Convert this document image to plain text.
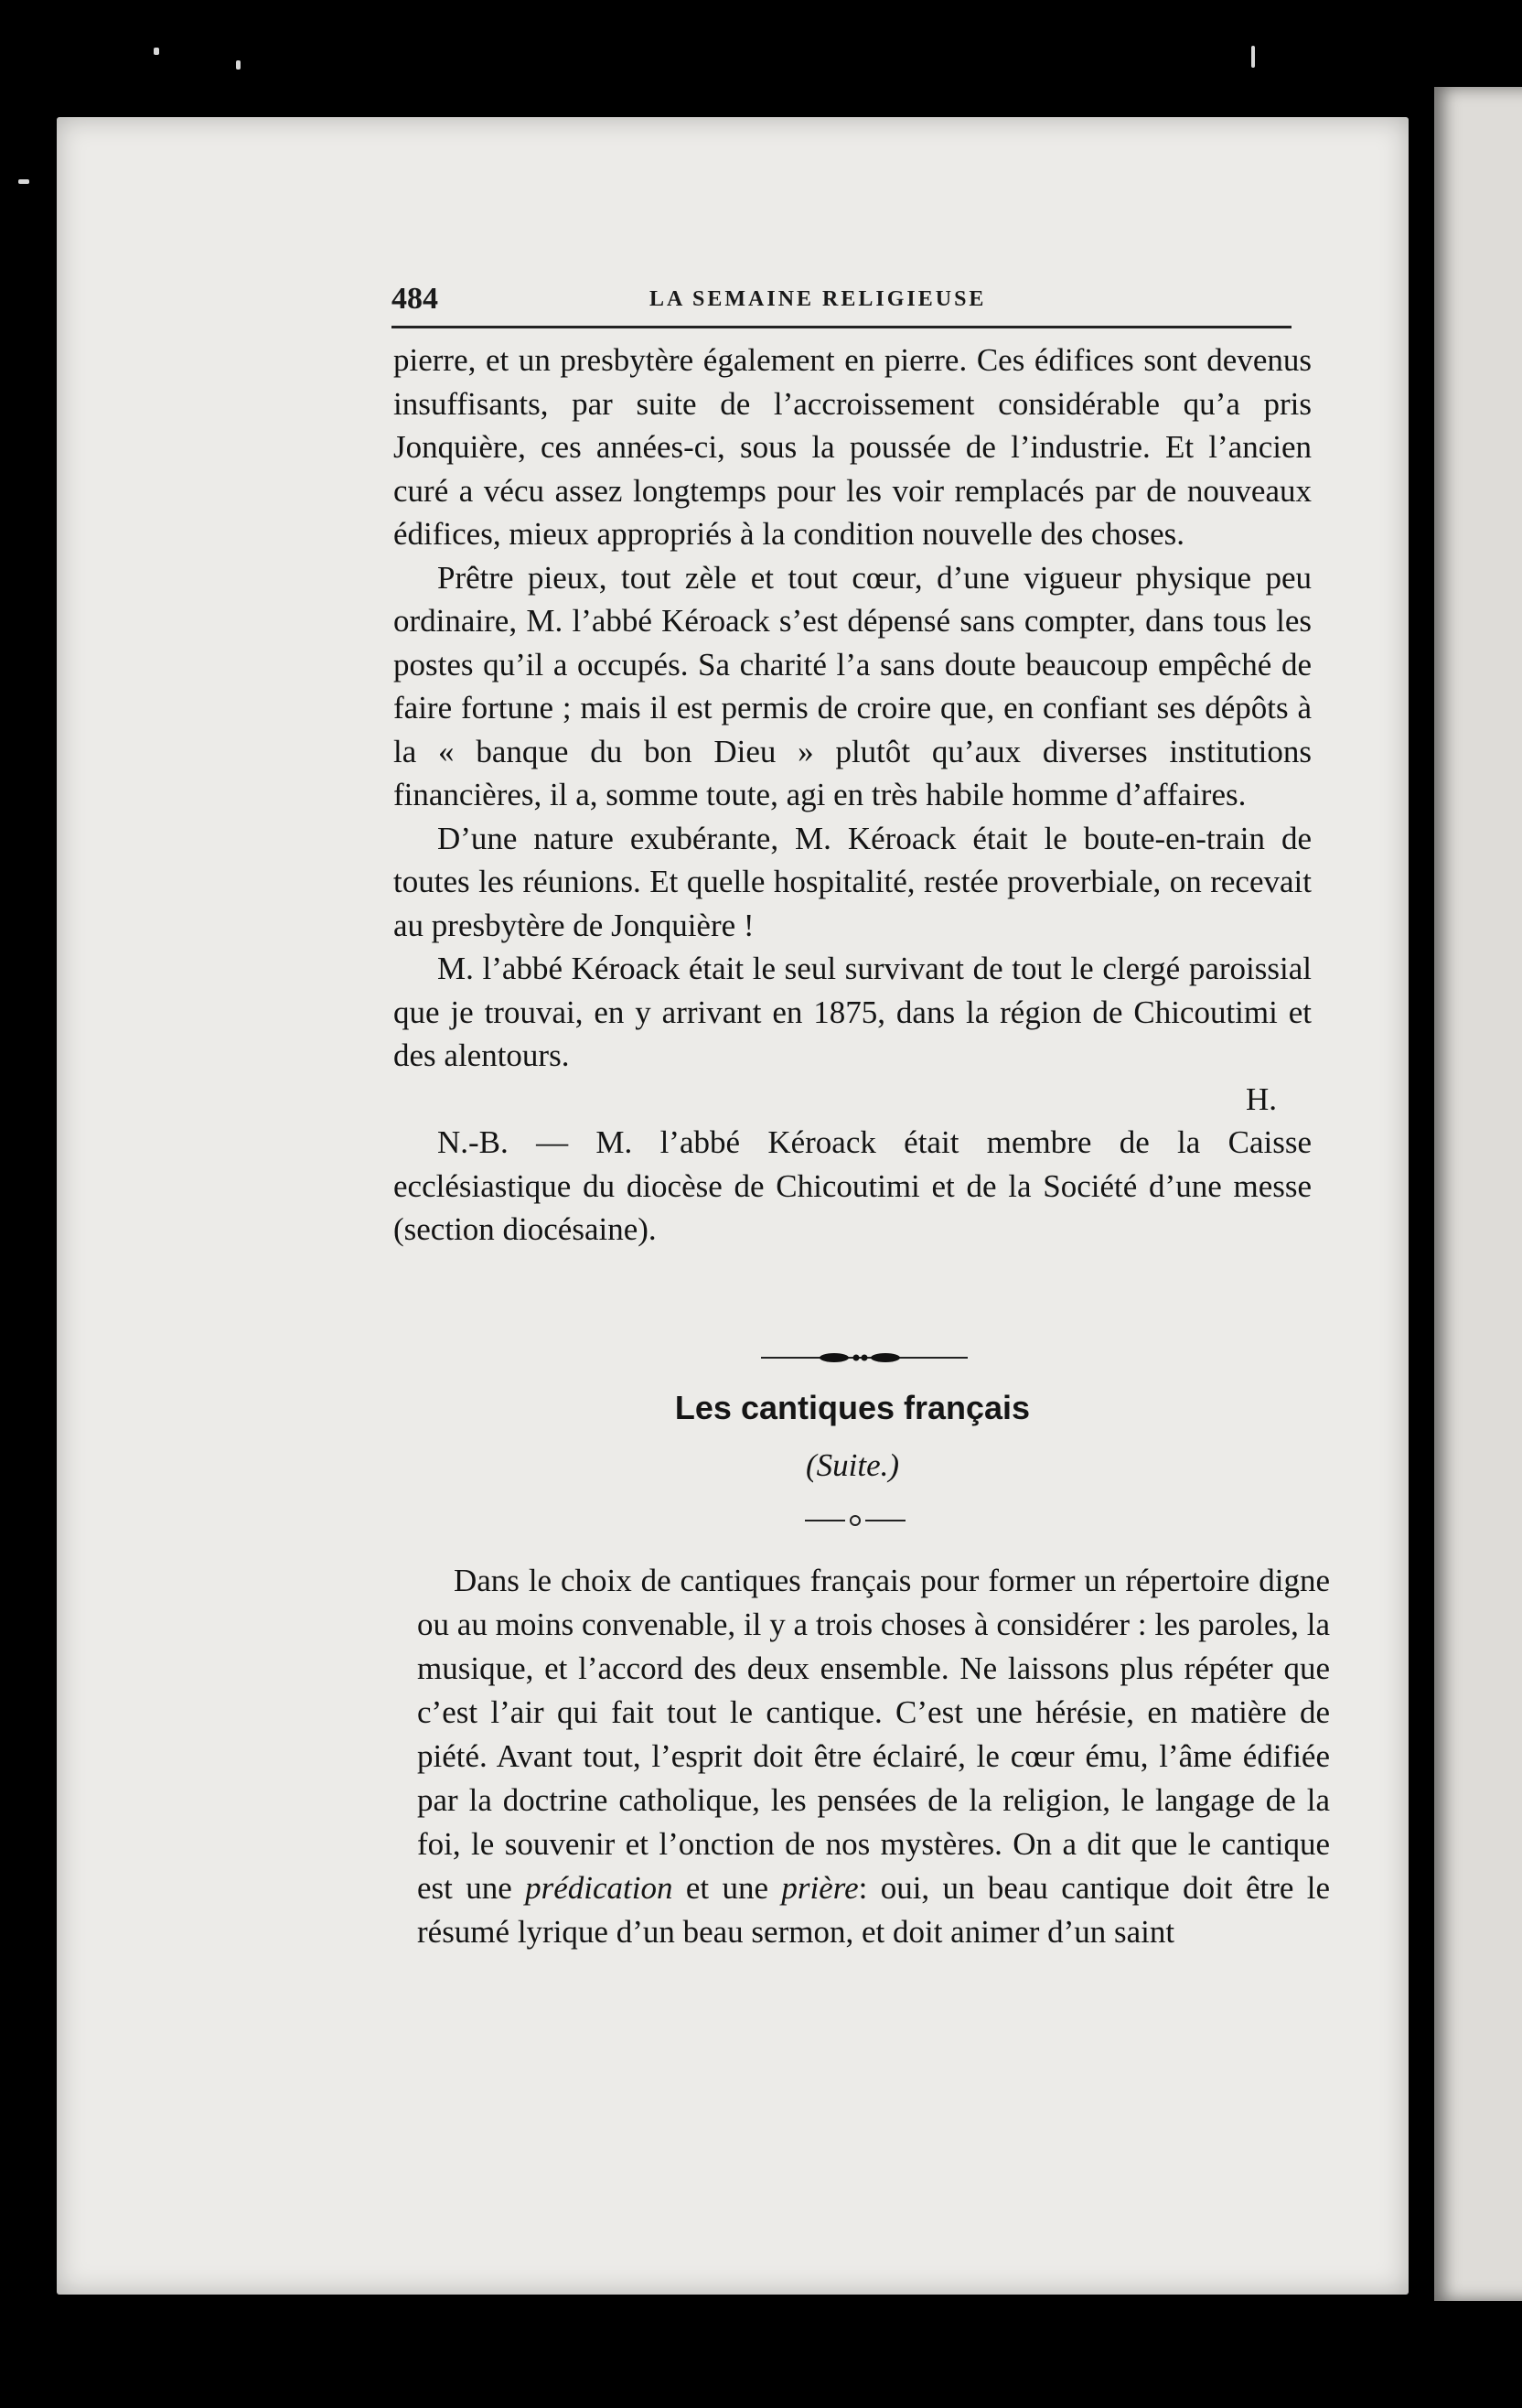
484	LA SEMAINE RELIGIEUSE

pierre, et un presbytère également en pierre. Ces édifices sont devenus insuffisants, par suite de l’accroissement considérable qu’a pris Jonquière, ces années-ci, sous la poussée de l’industrie. Et l’ancien curé a vécu assez longtemps pour les voir remplacés par de nouveaux édifices, mieux appropriés à la condition nouvelle des choses.

Prêtre pieux, tout zèle et tout cœur, d’une vigueur physique peu ordinaire, M. l’abbé Kéroack s’est dépensé sans compter, dans tous les postes qu’il a occupés. Sa charité l’a sans doute beaucoup empêché de faire fortune ; mais il est permis de croire que, en confiant ses dépôts à la « banque du bon Dieu » plutôt qu’aux diverses institutions financières, il a, somme toute, agi en très habile homme d’affaires.

D’une nature exubérante, M. Kéroack était le boute-en-train de toutes les réunions. Et quelle hospitalité, restée proverbiale, on recevait au presbytère de Jonquière !

M. l’abbé Kéroack était le seul survivant de tout le clergé paroissial que je trouvai, en y arrivant en 1875, dans la région de Chicoutimi et des alentours.

H.

N.-B. — M. l’abbé Kéroack était membre de la Caisse ecclésiastique du diocèse de Chicoutimi et de la Société d’une messe (section diocésaine).

Les cantiques français
(Suite.)

Dans le choix de cantiques français pour former un répertoire digne ou au moins convenable, il y a trois choses à considérer : les paroles, la musique, et l’accord des deux ensemble. Ne laissons plus répéter que c’est l’air qui fait tout le cantique. C’est une hérésie, en matière de piété. Avant tout, l’esprit doit être éclairé, le cœur ému, l’âme édifiée par la doctrine catholique, les pensées de la religion, le langage de la foi, le souvenir et l’onction de nos mystères. On a dit que le cantique est une prédication et une prière: oui, un beau cantique doit être le résumé lyrique d’un beau sermon, et doit animer d’un saint
